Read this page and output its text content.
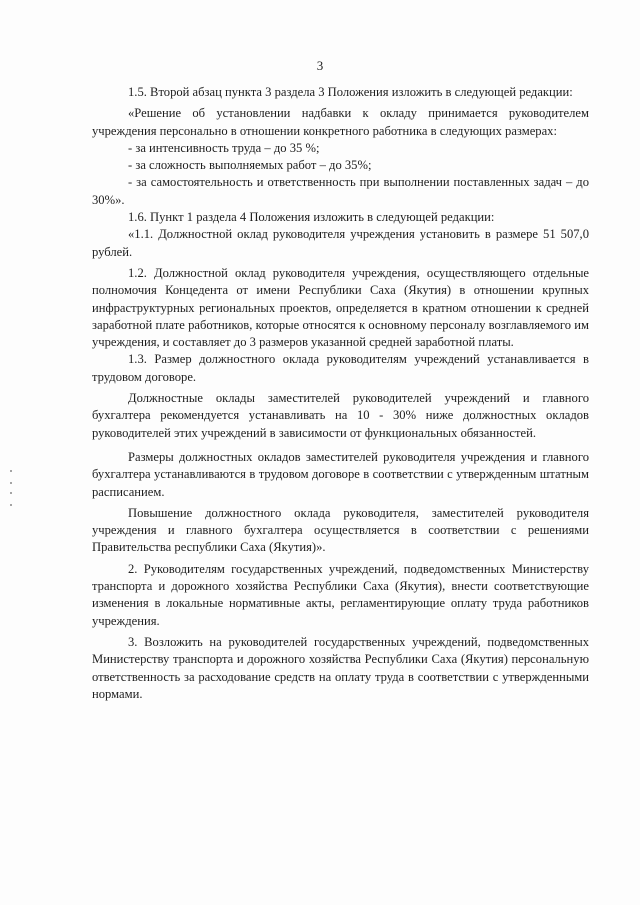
3

1.5. Второй абзац пункта 3 раздела 3 Положения изложить в следующей редакции:

«Решение об установлении надбавки к окладу принимается руководителем учреждения персонально в отношении конкретного работника в следующих размерах:

- за интенсивность труда – до 35 %;

- за сложность выполняемых работ – до 35%;

- за самостоятельность и ответственность при выполнении поставленных задач – до 30%».

1.6. Пункт 1 раздела 4 Положения изложить в следующей редакции:

«1.1. Должностной оклад руководителя учреждения установить в размере 51 507,0 рублей.

1.2. Должностной оклад руководителя учреждения, осуществляющего отдельные полномочия Концедента от имени Республики Саха (Якутия) в отношении крупных инфраструктурных региональных проектов, определяется в кратном отношении к средней заработной плате работников, которые относятся к основному персоналу возглавляемого им учреждения, и составляет до 3 размеров указанной средней заработной платы.

1.3. Размер должностного оклада руководителям учреждений устанавливается в трудовом договоре.

Должностные оклады заместителей руководителей учреждений и главного бухгалтера рекомендуется устанавливать на 10 - 30% ниже должностных окладов руководителей этих учреждений в зависимости от функциональных обязанностей.

Размеры должностных окладов заместителей руководителя учреждения и главного бухгалтера устанавливаются в трудовом договоре в соответствии с утвержденным штатным расписанием.

Повышение должностного оклада руководителя, заместителей руководителя учреждения и главного бухгалтера осуществляется в соответствии с решениями Правительства республики Саха (Якутия)».

2. Руководителям государственных учреждений, подведомственных Министерству транспорта и дорожного хозяйства Республики Саха (Якутия), внести соответствующие изменения в локальные нормативные акты, регламентирующие оплату труда работников учреждения.

3. Возложить на руководителей государственных учреждений, подведомственных Министерству транспорта и дорожного хозяйства Республики Саха (Якутия) персональную ответственность за расходование средств на оплату труда в соответствии с утвержденными нормами.
